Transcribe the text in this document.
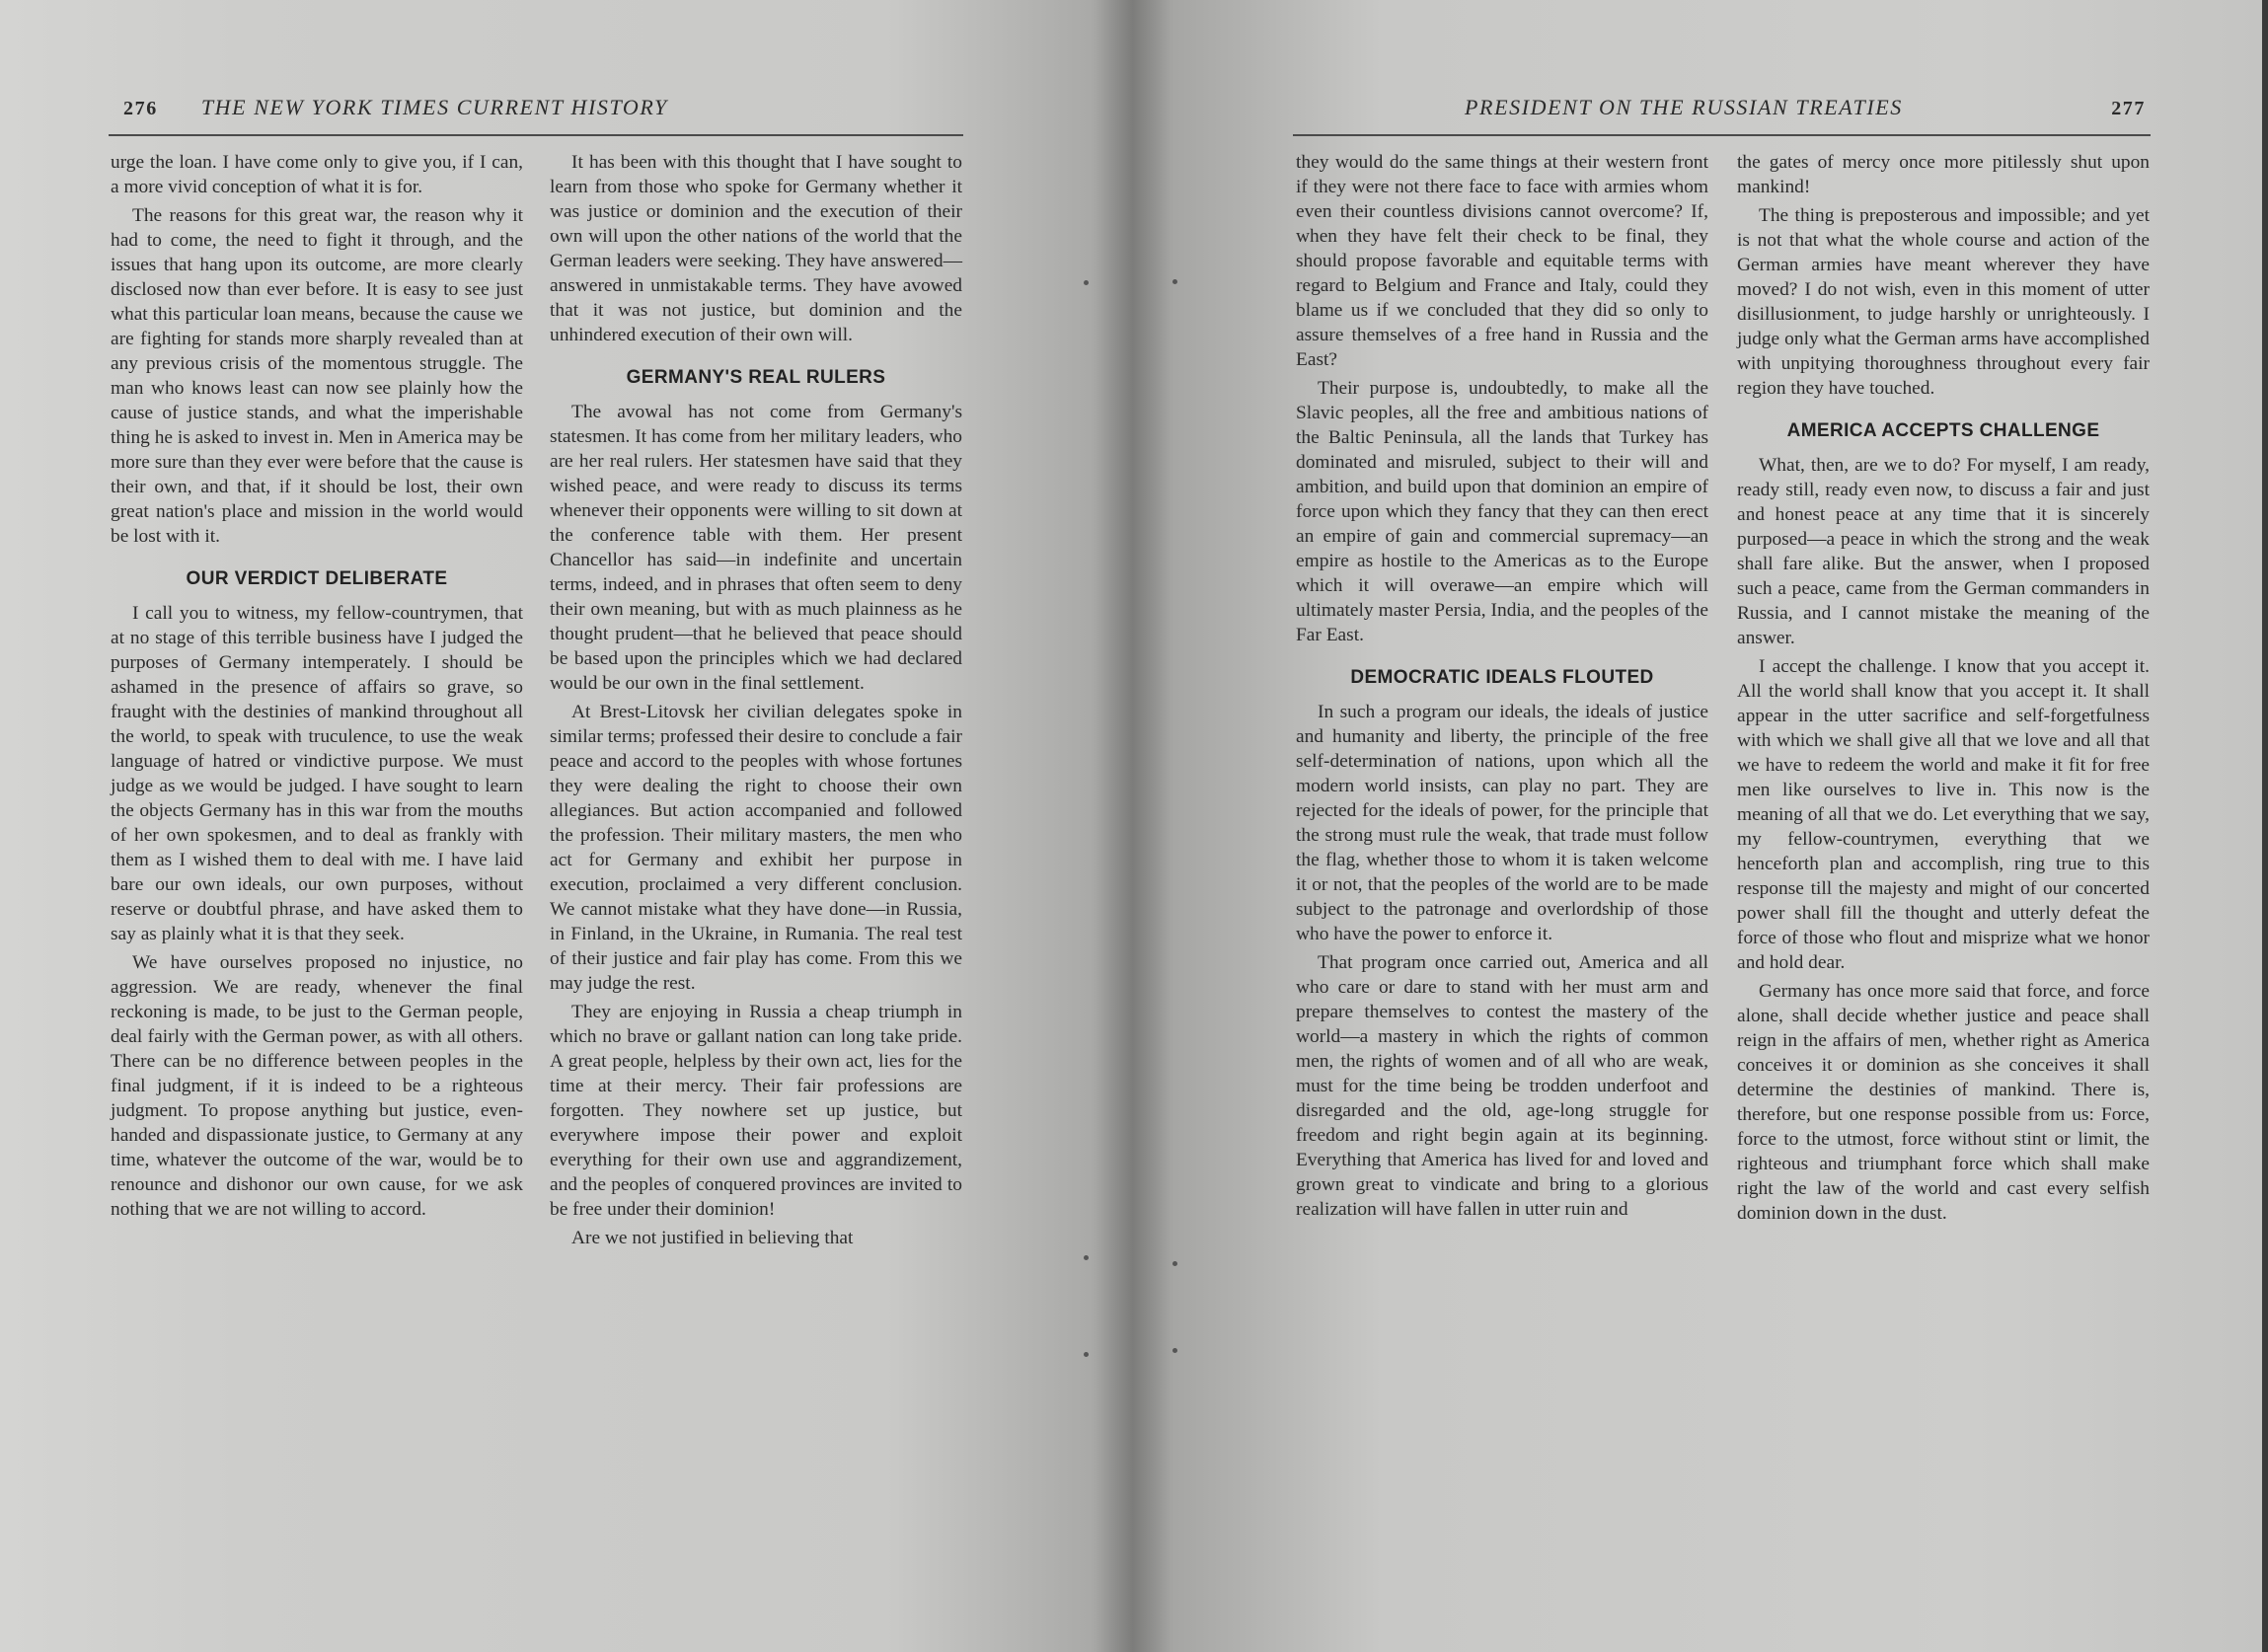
276 THE NEW YORK TIMES CURRENT HISTORY	PRESIDENT ON THE RUSSIAN TREATIES	277

urge the loan. I have come only to give you, if I can, a more vivid conception of what it is for.

The reasons for this great war, the reason why it had to come, the need to fight it through, and the issues that hang upon its outcome, are more clearly disclosed now than ever before. It is easy to see just what this particular loan means, because the cause we are fighting for stands more sharply revealed than at any previous crisis of the momentous struggle. The man who knows least can now see plainly how the cause of justice stands, and what the imperishable thing he is asked to invest in. Men in America may be more sure than they ever were before that the cause is their own, and that, if it should be lost, their own great nation's place and mission in the world would be lost with it.

OUR VERDICT DELIBERATE

I call you to witness, my fellow-countrymen, that at no stage of this terrible business have I judged the purposes of Germany intemperately. I should be ashamed in the presence of affairs so grave, so fraught with the destinies of mankind throughout all the world, to speak with truculence, to use the weak language of hatred or vindictive purpose. We must judge as we would be judged. I have sought to learn the objects Germany has in this war from the mouths of her own spokesmen, and to deal as frankly with them as I wished them to deal with me. I have laid bare our own ideals, our own purposes, without reserve or doubtful phrase, and have asked them to say as plainly what it is that they seek.

We have ourselves proposed no injustice, no aggression. We are ready, whenever the final reckoning is made, to be just to the German people, deal fairly with the German power, as with all others. There can be no difference between peoples in the final judgment, if it is indeed to be a righteous judgment. To propose anything but justice, even-handed and dispassionate justice, to Germany at any time, whatever the outcome of the war, would be to renounce and dishonor our own cause, for we ask nothing that we are not willing to accord.

It has been with this thought that I have sought to learn from those who spoke for Germany whether it was justice or dominion and the execution of their own will upon the other nations of the world that the German leaders were seeking. They have answered—answered in unmistakable terms. They have avowed that it was not justice, but dominion and the unhindered execution of their own will.

GERMANY'S REAL RULERS

The avowal has not come from Germany's statesmen. It has come from her military leaders, who are her real rulers. Her statesmen have said that they wished peace, and were ready to discuss its terms whenever their opponents were willing to sit down at the conference table with them. Her present Chancellor has said—in indefinite and uncertain terms, indeed, and in phrases that often seem to deny their own meaning, but with as much plainness as he thought prudent—that he believed that peace should be based upon the principles which we had declared would be our own in the final settlement.

At Brest-Litovsk her civilian delegates spoke in similar terms; professed their desire to conclude a fair peace and accord to the peoples with whose fortunes they were dealing the right to choose their own allegiances. But action accompanied and followed the profession. Their military masters, the men who act for Germany and exhibit her purpose in execution, proclaimed a very different conclusion. We cannot mistake what they have done—in Russia, in Finland, in the Ukraine, in Rumania. The real test of their justice and fair play has come. From this we may judge the rest.

They are enjoying in Russia a cheap triumph in which no brave or gallant nation can long take pride. A great people, helpless by their own act, lies for the time at their mercy. Their fair professions are forgotten. They nowhere set up justice, but everywhere impose their power and exploit everything for their own use and aggrandizement, and the peoples of conquered provinces are invited to be free under their dominion!

Are we not justified in believing that

they would do the same things at their western front if they were not there face to face with armies whom even their countless divisions cannot overcome? If, when they have felt their check to be final, they should propose favorable and equitable terms with regard to Belgium and France and Italy, could they blame us if we concluded that they did so only to assure themselves of a free hand in Russia and the East?

Their purpose is, undoubtedly, to make all the Slavic peoples, all the free and ambitious nations of the Baltic Peninsula, all the lands that Turkey has dominated and misruled, subject to their will and ambition, and build upon that dominion an empire of force upon which they fancy that they can then erect an empire of gain and commercial supremacy—an empire as hostile to the Americas as to the Europe which it will overawe—an empire which will ultimately master Persia, India, and the peoples of the Far East.

DEMOCRATIC IDEALS FLOUTED

In such a program our ideals, the ideals of justice and humanity and liberty, the principle of the free self-determination of nations, upon which all the modern world insists, can play no part. They are rejected for the ideals of power, for the principle that the strong must rule the weak, that trade must follow the flag, whether those to whom it is taken welcome it or not, that the peoples of the world are to be made subject to the patronage and overlordship of those who have the power to enforce it.

That program once carried out, America and all who care or dare to stand with her must arm and prepare themselves to contest the mastery of the world—a mastery in which the rights of common men, the rights of women and of all who are weak, must for the time being be trodden underfoot and disregarded and the old, age-long struggle for freedom and right begin again at its beginning. Everything that America has lived for and loved and grown great to vindicate and bring to a glorious realization will have fallen in utter ruin and

the gates of mercy once more pitilessly shut upon mankind!

The thing is preposterous and impossible; and yet is not that what the whole course and action of the German armies have meant wherever they have moved? I do not wish, even in this moment of utter disillusionment, to judge harshly or unrighteously. I judge only what the German arms have accomplished with unpitying thoroughness throughout every fair region they have touched.

AMERICA ACCEPTS CHALLENGE

What, then, are we to do? For myself, I am ready, ready still, ready even now, to discuss a fair and just and honest peace at any time that it is sincerely purposed—a peace in which the strong and the weak shall fare alike. But the answer, when I proposed such a peace, came from the German commanders in Russia, and I cannot mistake the meaning of the answer.

I accept the challenge. I know that you accept it. All the world shall know that you accept it. It shall appear in the utter sacrifice and self-forgetfulness with which we shall give all that we love and all that we have to redeem the world and make it fit for free men like ourselves to live in. This now is the meaning of all that we do. Let everything that we say, my fellow-countrymen, everything that we henceforth plan and accomplish, ring true to this response till the majesty and might of our concerted power shall fill the thought and utterly defeat the force of those who flout and misprize what we honor and hold dear.

Germany has once more said that force, and force alone, shall decide whether justice and peace shall reign in the affairs of men, whether right as America conceives it or dominion as she conceives it shall determine the destinies of mankind. There is, therefore, but one response possible from us: Force, force to the utmost, force without stint or limit, the righteous and triumphant force which shall make right the law of the world and cast every selfish dominion down in the dust.
